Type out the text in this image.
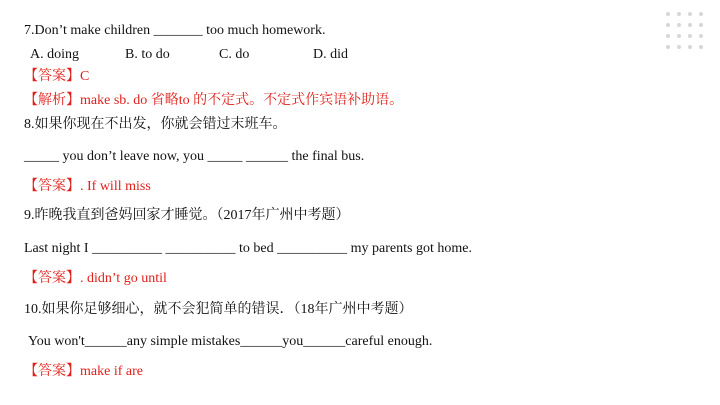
7.Don’t make children _______ too much homework.
A. doing	B. to do	C. do	D. did
【答案】C
【解析】make sb. do 省略to 的不定式。不定式作宾语补助语。
8.如果你现在不出发，你就会错过末班车。
_____ you don’t leave now, you _____ ______ the final bus.
【答案】. If will miss
9.昨晚我直到爸妈回家才睡觉。（2017年广州中考题）
Last night I __________ __________ to bed __________ my parents got home.
【答案】. didn’t go until
10.如果你足够细心，就不会犯简单的错误．（18年广州中考题）
You won't______any simple mistakes______you______careful enough.
【答案】make if are
